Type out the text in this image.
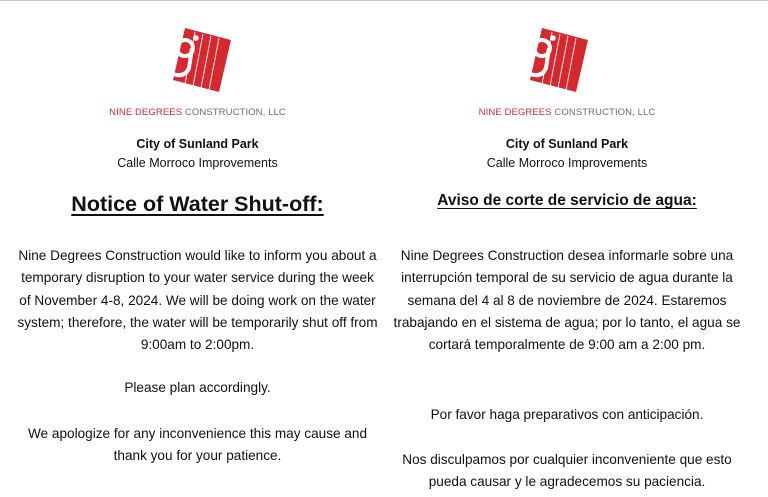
NINE DEGREES CONSTRUCTION, LLC
City of Sunland Park
Calle Morroco Improvements
Notice of Water Shut-off:
Nine Degrees Construction would like to inform you about a temporary disruption to your water service during the week of November 4-8, 2024. We will be doing work on the water system; therefore, the water will be temporarily shut off from 9:00am to 2:00pm.
Please plan accordingly.
We apologize for any inconvenience this may cause and thank you for your patience.
NINE DEGREES CONSTRUCTION, LLC
City of Sunland Park
Calle Morroco Improvements
Aviso de corte de servicio de agua:
Nine Degrees Construction desea informarle sobre una interrupción temporal de su servicio de agua durante la semana del 4 al 8 de noviembre de 2024. Estaremos trabajando en el sistema de agua; por lo tanto, el agua se cortará temporalmente de 9:00 am a 2:00 pm.
Por favor haga preparativos con anticipación.
Nos disculpamos por cualquier inconveniente que esto pueda causar y le agradecemos su paciencia.
